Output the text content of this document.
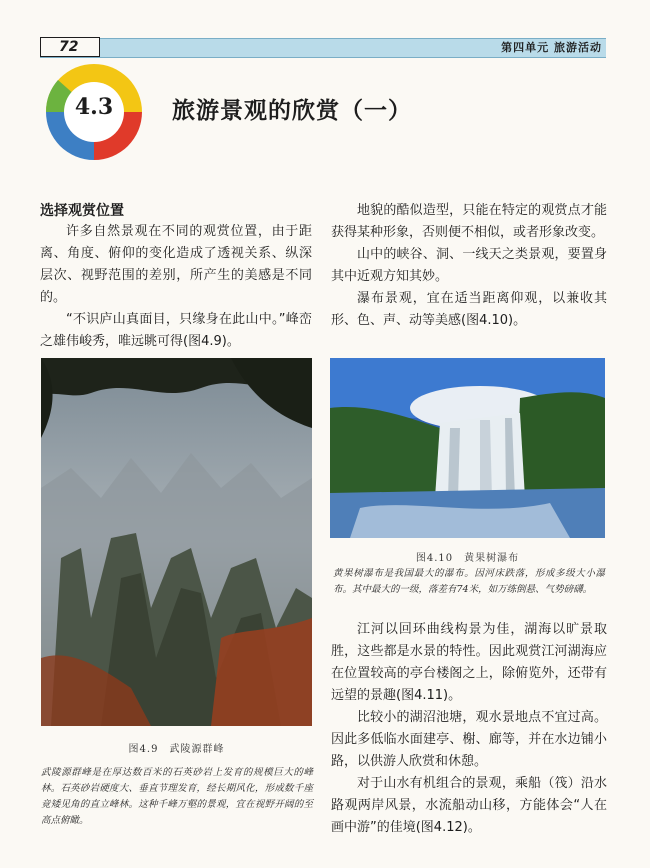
72	第四单元 旅游活动
4.3	旅游景观的欣赏（一）
选择观赏位置

许多自然景观在不同的观赏位置，由于距离、角度、俯仰的变化造成了透视关系、纵深层次、视野范围的差别，所产生的美感是不同的。

“不识庐山真面目，只缘身在此山中。”峰峦之雄伟峻秀，唯远眺可得(图4.9)。

地貌的酷似造型，只能在特定的观赏点才能获得某种形象，否则便不相似，或者形象改变。

山中的峡谷、洞、一线天之类景观，要置身其中近观方知其妙。

瀑布景观，宜在适当距离仰观，以兼收其形、色、声、动等美感(图4.10)。

图4.10　黄果树瀑布
黄果树瀑布是我国最大的瀑布。因河床跌落，形成多级大小瀑布。其中最大的一级，落差有74米，如万练倒悬、气势磅礴。

江河以回环曲线构景为佳，湖海以旷景取胜，这些都是水景的特性。因此观赏江河湖海应在位置较高的亭台楼阁之上，除俯览外，还带有远望的景趣(图4.11)。

比较小的湖沼池塘，观水景地点不宜过高。因此多低临水面建亭、榭、廊等，并在水边铺小路，以供游人欣赏和休憩。

对于山水有机组合的景观，乘船（筏）沿水路观两岸风景，水流船动山移，方能体会“人在画中游”的佳境(图4.12)。

图4.9　武陵源群峰
武陵源群峰是在厚达数百米的石英砂岩上发育的规模巨大的峰林。石英砂岩硬度大、垂直节理发育，经长期风化，形成数千座竞矮见角的直立峰林。这种千峰万壑的景观，宜在视野开阔的至高点俯瞰。
